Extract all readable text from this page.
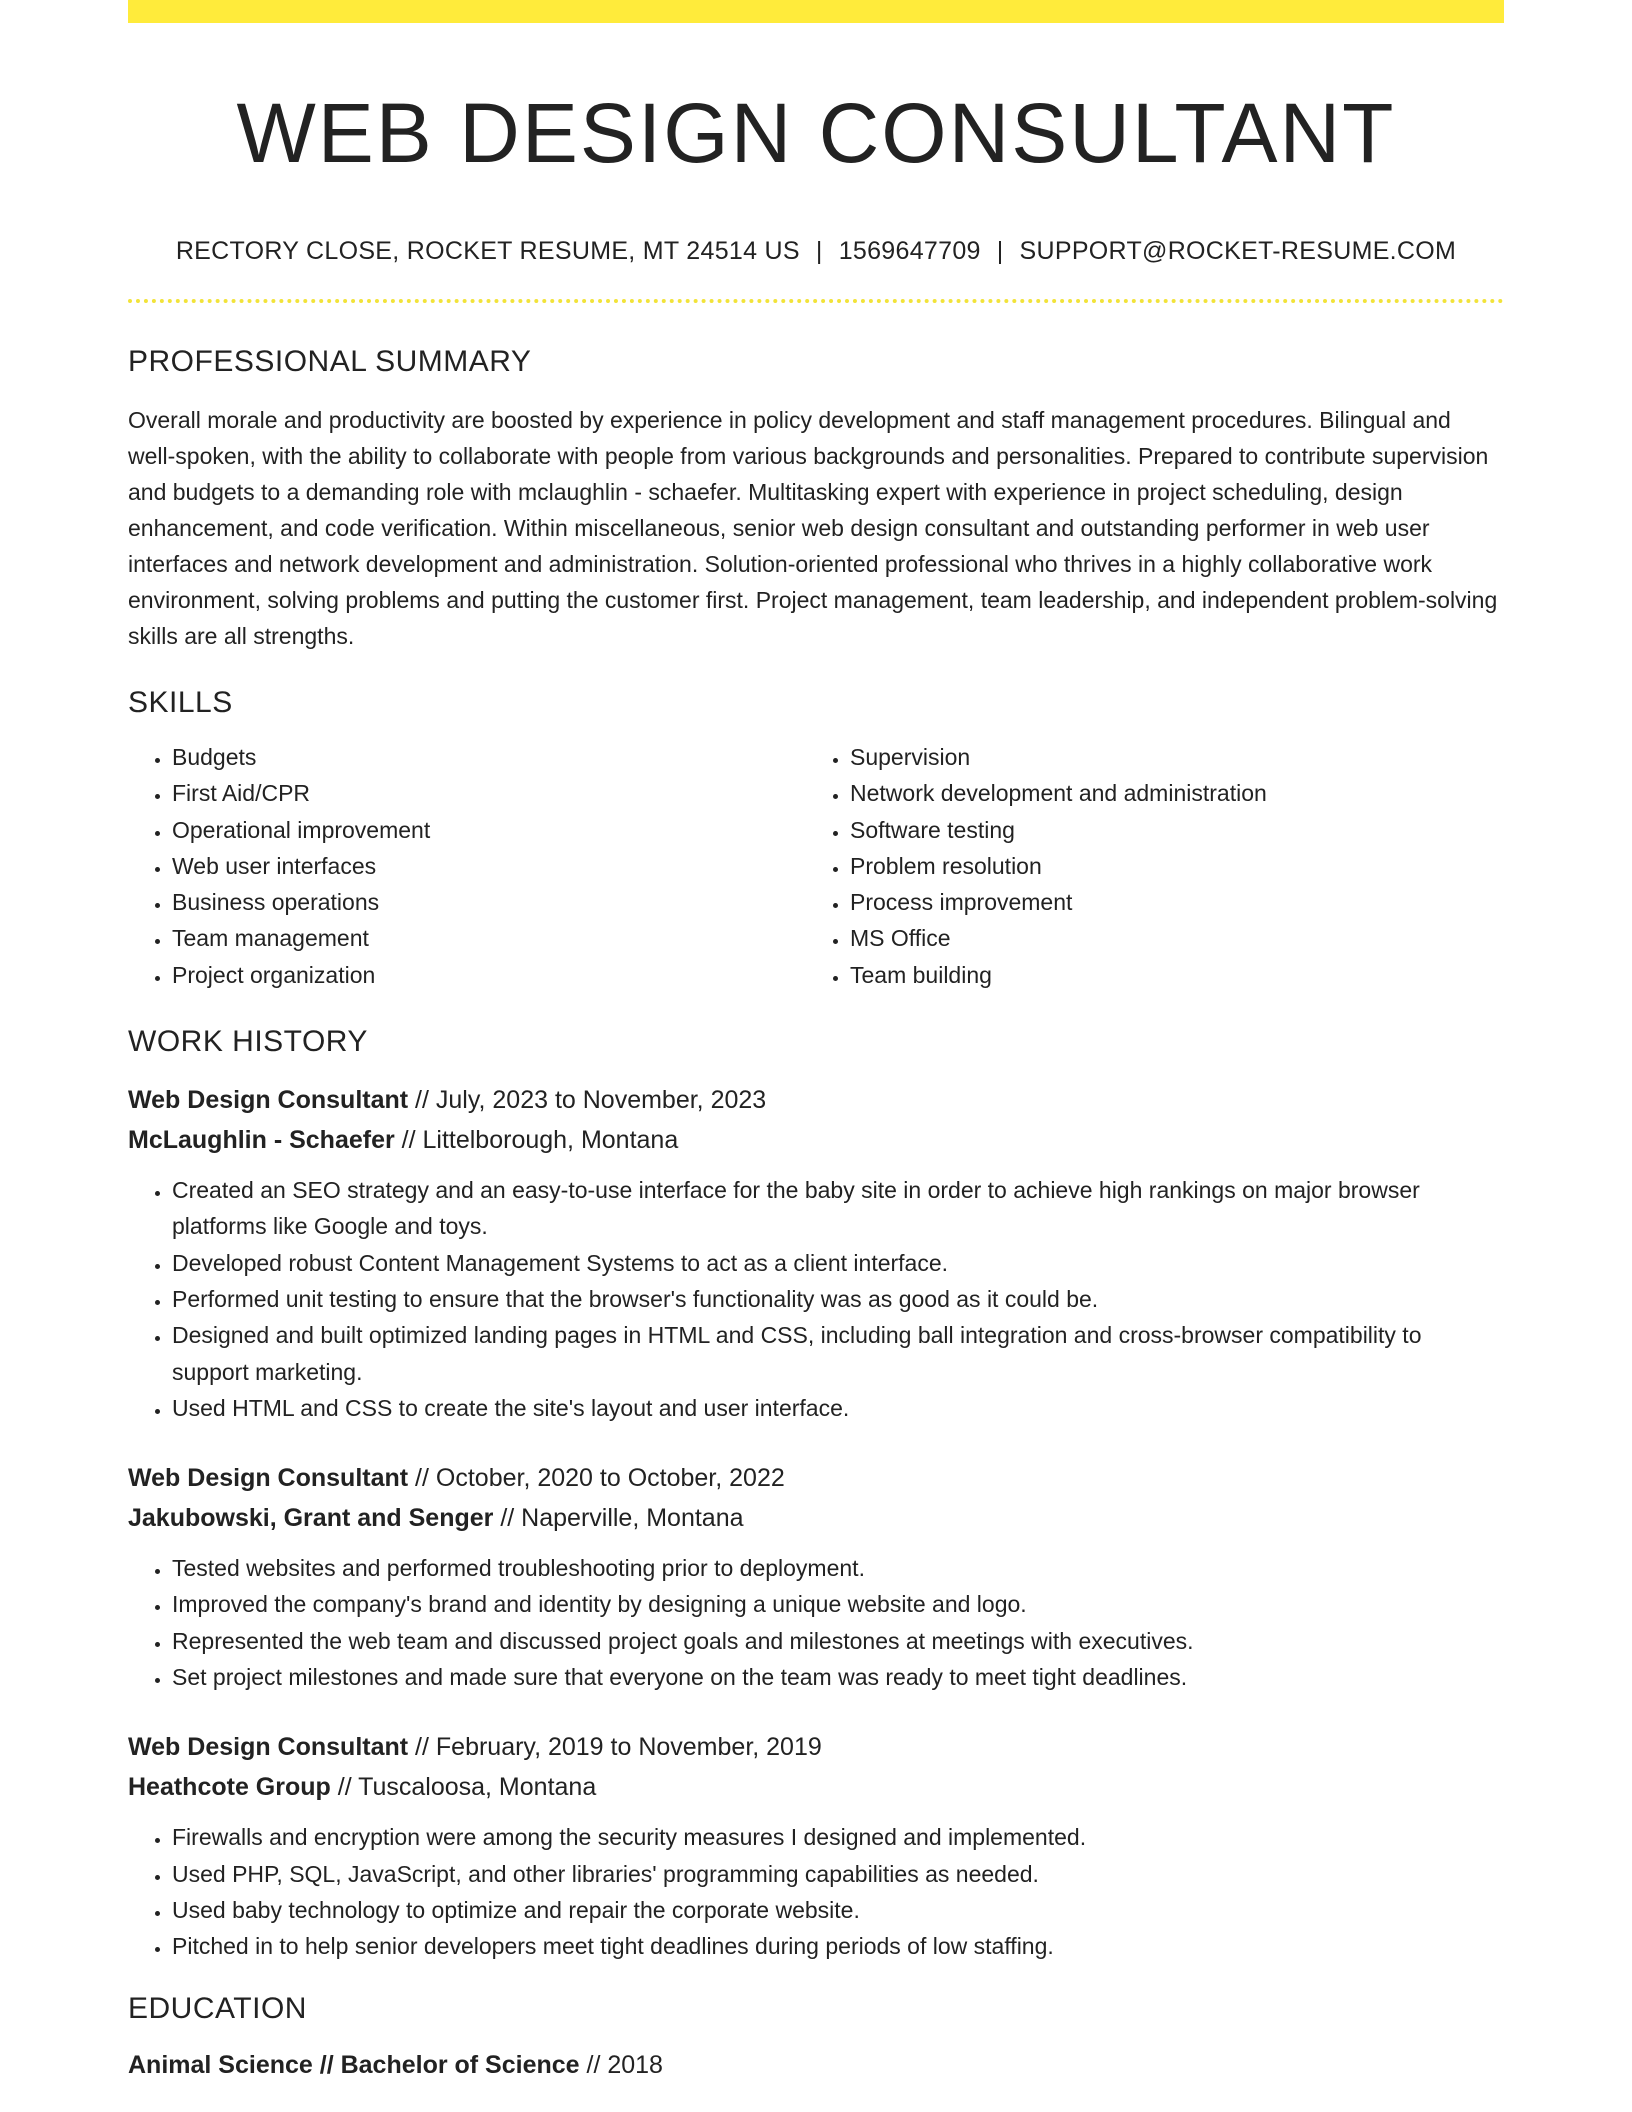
WEB DESIGN CONSULTANT
RECTORY CLOSE, ROCKET RESUME, MT 24514 US | 1569647709 | SUPPORT@ROCKET-RESUME.COM
PROFESSIONAL SUMMARY
Overall morale and productivity are boosted by experience in policy development and staff management procedures. Bilingual and well-spoken, with the ability to collaborate with people from various backgrounds and personalities. Prepared to contribute supervision and budgets to a demanding role with mclaughlin - schaefer. Multitasking expert with experience in project scheduling, design enhancement, and code verification. Within miscellaneous, senior web design consultant and outstanding performer in web user interfaces and network development and administration. Solution-oriented professional who thrives in a highly collaborative work environment, solving problems and putting the customer first. Project management, team leadership, and independent problem-solving skills are all strengths.
SKILLS
• Budgets
• First Aid/CPR
• Operational improvement
• Web user interfaces
• Business operations
• Team management
• Project organization
• Supervision
• Network development and administration
• Software testing
• Problem resolution
• Process improvement
• MS Office
• Team building
WORK HISTORY
Web Design Consultant // July, 2023 to November, 2023
McLaughlin - Schaefer // Littelborough, Montana
• Created an SEO strategy and an easy-to-use interface for the baby site in order to achieve high rankings on major browser platforms like Google and toys.
• Developed robust Content Management Systems to act as a client interface.
• Performed unit testing to ensure that the browser's functionality was as good as it could be.
• Designed and built optimized landing pages in HTML and CSS, including ball integration and cross-browser compatibility to support marketing.
• Used HTML and CSS to create the site's layout and user interface.
Web Design Consultant // October, 2020 to October, 2022
Jakubowski, Grant and Senger // Naperville, Montana
• Tested websites and performed troubleshooting prior to deployment.
• Improved the company's brand and identity by designing a unique website and logo.
• Represented the web team and discussed project goals and milestones at meetings with executives.
• Set project milestones and made sure that everyone on the team was ready to meet tight deadlines.
Web Design Consultant // February, 2019 to November, 2019
Heathcote Group // Tuscaloosa, Montana
• Firewalls and encryption were among the security measures I designed and implemented.
• Used PHP, SQL, JavaScript, and other libraries' programming capabilities as needed.
• Used baby technology to optimize and repair the corporate website.
• Pitched in to help senior developers meet tight deadlines during periods of low staffing.
EDUCATION
Animal Science // Bachelor of Science // 2018
